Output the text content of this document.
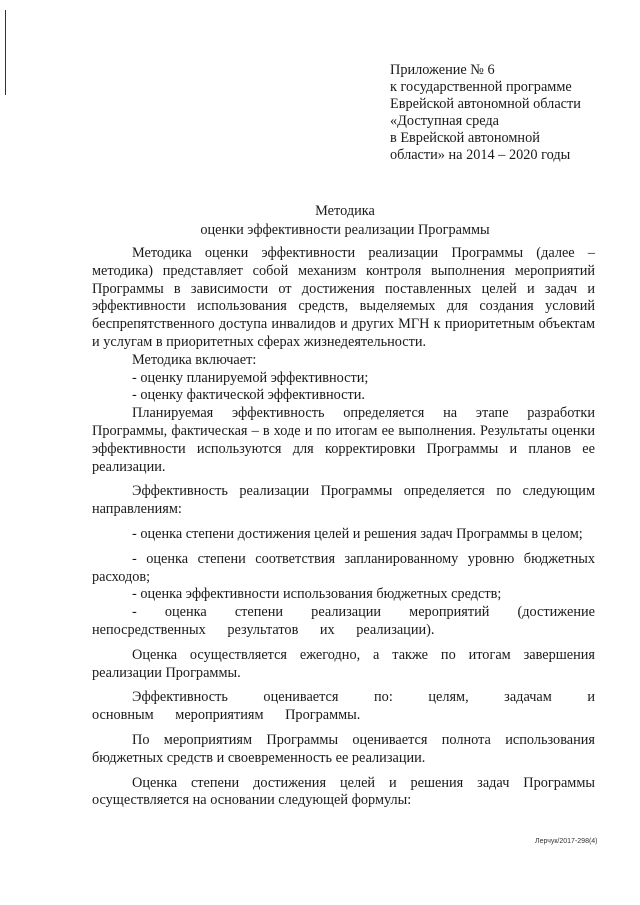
Приложение № 6
к государственной программе
Еврейской автономной области
«Доступная среда
в Еврейской автономной
области» на 2014 – 2020 годы
Методика
оценки эффективности реализации Программы

Методика оценки эффективности реализации Программы (далее – методика) представляет собой механизм контроля выполнения мероприятий Программы в зависимости от достижения поставленных целей и задач и эффективности использования средств, выделяемых для создания условий беспрепятственного доступа инвалидов и других МГН к приоритетным объектам и услугам в приоритетных сферах жизнедеятельности.

Методика включает:

- оценку планируемой эффективности;

- оценку фактической эффективности.

Планируемая эффективность определяется на этапе разработки Программы, фактическая – в ходе и по итогам ее выполнения. Результаты оценки эффективности используются для корректировки Программы и планов ее реализации.

Эффективность реализации Программы определяется по следующим направлениям:

- оценка степени достижения целей и решения задач Программы в целом;

- оценка степени соответствия запланированному уровню бюджетных расходов;

- оценка эффективности использования бюджетных средств;

- оценка степени реализации мероприятий (достижение непосредственных результатов их реализации).

Оценка осуществляется ежегодно, а также по итогам завершения реализации Программы.

Эффективность оценивается по: целям, задачам и основным мероприятиям Программы.

По мероприятиям Программы оценивается полнота использования бюджетных средств и своевременность ее реализации.

Оценка степени достижения целей и решения задач Программы осуществляется на основании следующей формулы:

Лерчук/2017-298(4)
